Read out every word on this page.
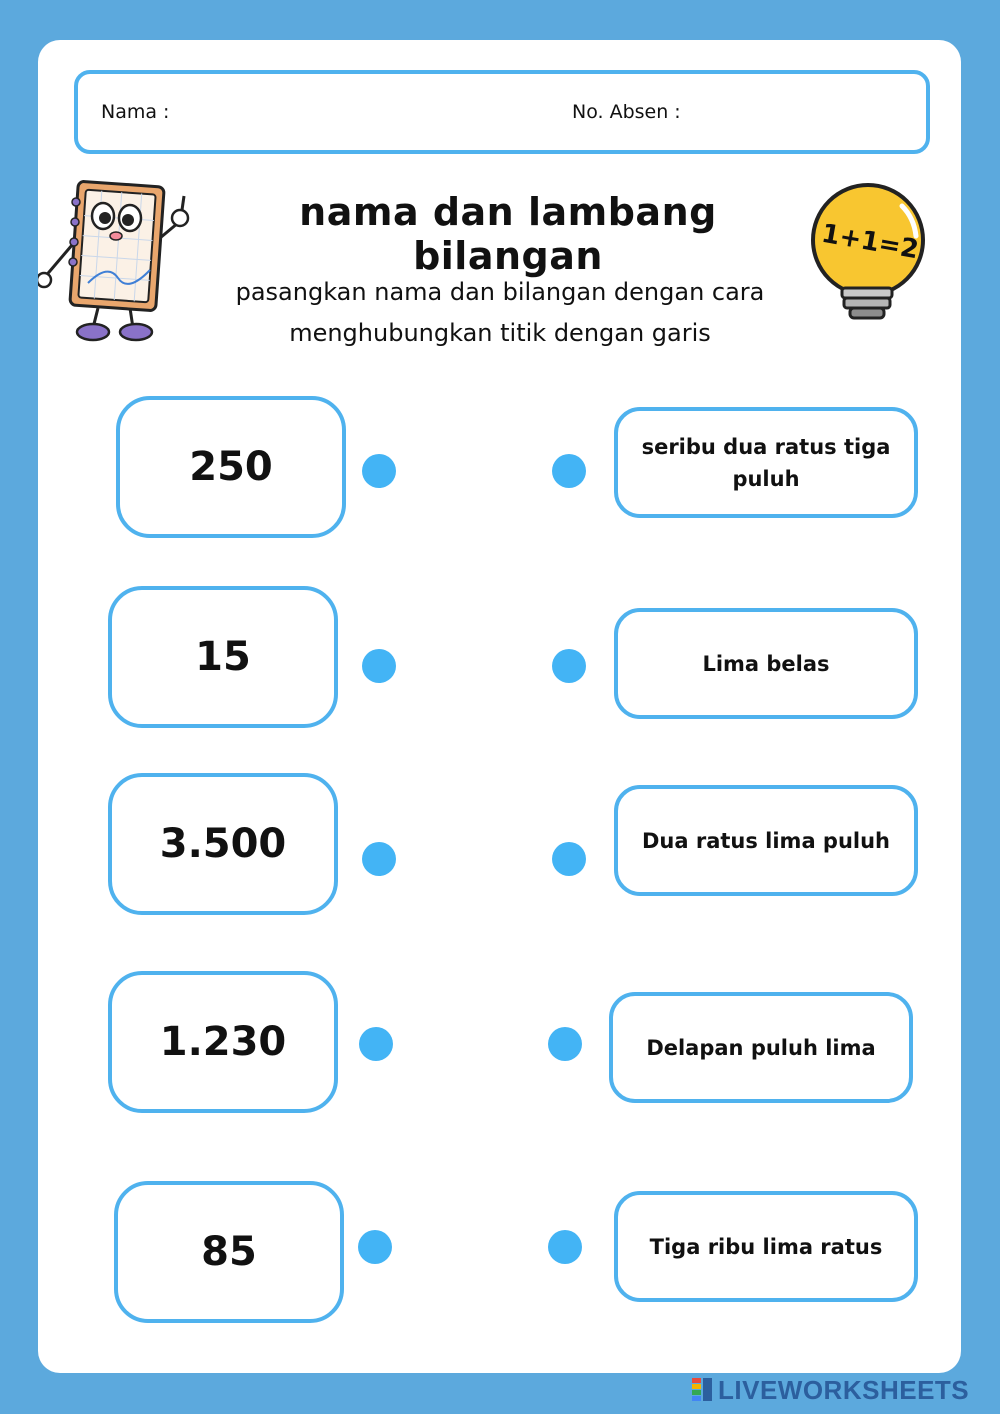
Nama :	No. Absen :
nama dan lambang bilangan
pasangkan nama dan bilangan dengan cara
menghubungkan titik dengan garis
1+1=2
250
15
3.500
1.230
85
seribu dua ratus tiga puluh
Lima belas
Dua ratus lima puluh
Delapan puluh lima
Tiga ribu lima ratus
LIVEWORKSHEETS
